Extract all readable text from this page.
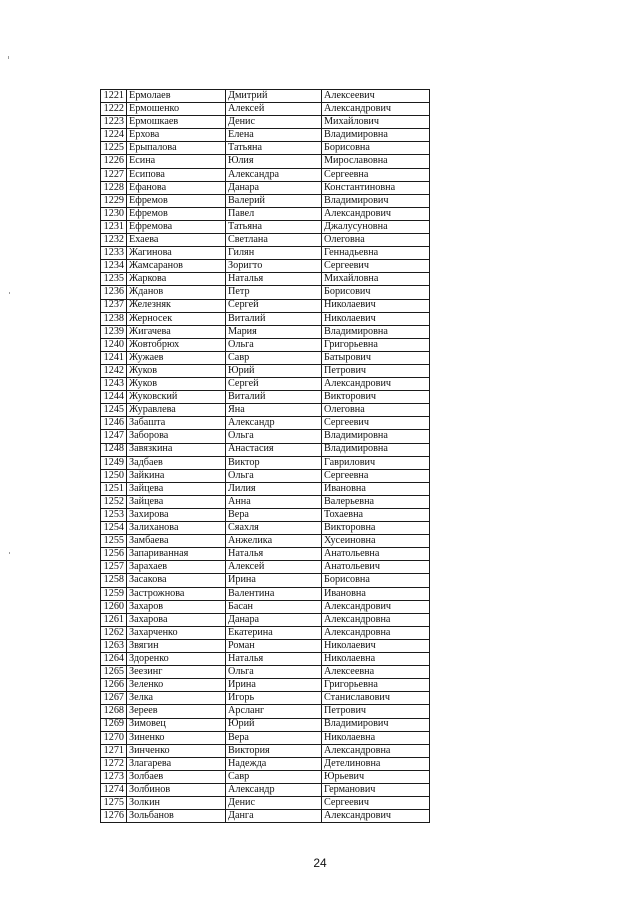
1221	Ермолаев	Дмитрий	Алексеевич
1222	Ермошенко	Алексей	Александрович
1223	Ермошкаев	Денис	Михайлович
1224	Ерхова	Елена	Владимировна
1225	Ерыпалова	Татьяна	Борисовна
1226	Есина	Юлия	Мирославовна
1227	Есипова	Александра	Сергеевна
1228	Ефанова	Данара	Константиновна
1229	Ефремов	Валерий	Владимирович
1230	Ефремов	Павел	Александрович
1231	Ефремова	Татьяна	Джалусуновна
1232	Ехаева	Светлана	Олеговна
1233	Жагинова	Гилян	Геннадьевна
1234	Жамсаранов	Зоригто	Сергеевич
1235	Жаркова	Наталья	Михайловна
1236	Жданов	Петр	Борисович
1237	Железняк	Сергей	Николаевич
1238	Жерносек	Виталий	Николаевич
1239	Жигачева	Мария	Владимировна
1240	Жовтобрюх	Ольга	Григорьевна
1241	Жужаев	Савр	Батырович
1242	Жуков	Юрий	Петрович
1243	Жуков	Сергей	Александрович
1244	Жуковский	Виталий	Викторович
1245	Журавлева	Яна	Олеговна
1246	Забашта	Александр	Сергеевич
1247	Заборова	Ольга	Владимировна
1248	Завязкина	Анастасия	Владимировна
1249	Задбаев	Виктор	Гаврилович
1250	Зайкина	Ольга	Сергеевна
1251	Зайцева	Лилия	Ивановна
1252	Зайцева	Анна	Валерьевна
1253	Захирова	Вера	Тохаевна
1254	Залиханова	Сяахля	Викторовна
1255	Замбаева	Анжелика	Хусеиновна
1256	Запариванная	Наталья	Анатольевна
1257	Зарахаев	Алексей	Анатольевич
1258	Засакова	Ирина	Борисовна
1259	Застрожнова	Валентина	Ивановна
1260	Захаров	Басан	Александрович
1261	Захарова	Данара	Александровна
1262	Захарченко	Екатерина	Александровна
1263	Звягин	Роман	Николаевич
1264	Здоренко	Наталья	Николаевна
1265	Зеезинг	Ольга	Алексеевна
1266	Зеленко	Ирина	Григорьевна
1267	Зелка	Игорь	Станиславович
1268	Зереев	Арсланг	Петрович
1269	Зимовец	Юрий	Владимирович
1270	Зиненко	Вера	Николаевна
1271	Зинченко	Виктория	Александровна
1272	Злагарева	Надежда	Детелиновна
1273	Золбаев	Савр	Юрьевич
1274	Золбинов	Александр	Германович
1275	Золкин	Денис	Сергеевич
1276	Зольбанов	Данга	Александрович
24
